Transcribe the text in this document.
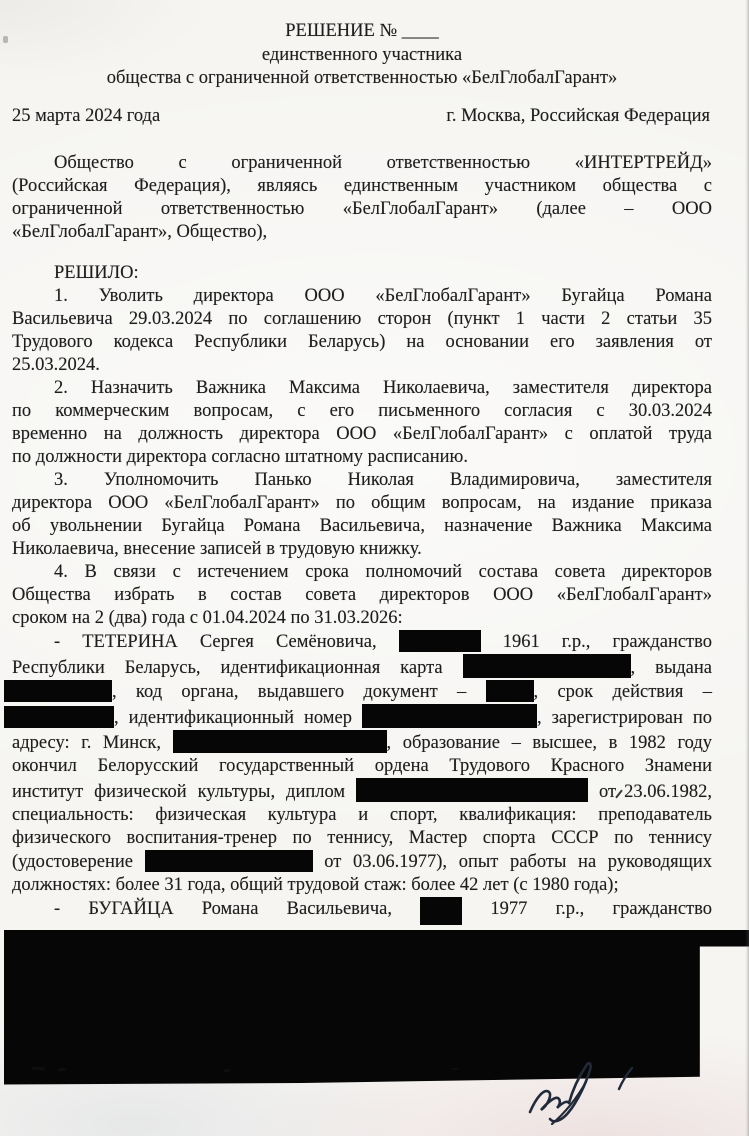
РЕШЕНИЕ № ____
единственного участника
общества с ограниченной ответственностью «БелГлобалГарант»
25 марта 2024 года	г. Москва, Российская Федерация
Общество с ограниченной ответственностью «ИНТЕРТРЕЙД»
(Российская Федерация), являясь единственным участником общества с
ограниченной ответственностью «БелГлобалГарант» (далее – ООО
«БелГлобалГарант», Общество),
РЕШИЛО:
1. Уволить директора ООО «БелГлобалГарант» Бугайца Романа
Васильевича 29.03.2024 по соглашению сторон (пункт 1 части 2 статьи 35
Трудового кодекса Республики Беларусь) на основании его заявления от
25.03.2024.
2. Назначить Важника Максима Николаевича, заместителя директора
по коммерческим вопросам, с его письменного согласия с 30.03.2024
временно на должность директора ООО «БелГлобалГарант» с оплатой труда
по должности директора согласно штатному расписанию.
3. Уполномочить Панько Николая Владимировича, заместителя
директора ООО «БелГлобалГарант» по общим вопросам, на издание приказа
об увольнении Бугайца Романа Васильевича, назначение Важника Максима
Николаевича, внесение записей в трудовую книжку.
4. В связи с истечением срока полномочий состава совета директоров
Общества избрать в состав совета директоров ООО «БелГлобалГарант»
сроком на 2 (два) года с 01.04.2024 по 31.03.2026:
- ТЕТЕРИНА Сергея Семёновича,	1961 г.р., гражданство
Республики Беларусь, идентификационная карта	, выдана
, код органа, выдавшего документ –	, срок действия –
, идентификационный номер	, зарегистрирован по
адресу: г. Минск,	, образование – высшее, в 1982 году
окончил Белорусский государственный ордена Трудового Красного Знамени
институт физической культуры, диплом	от 23.06.1982,
специальность: физическая культура и спорт, квалификация: преподаватель
физического воспитания-тренер по теннису, Мастер спорта СССР по теннису
(удостоверение	от 03.06.1977), опыт работы на руководящих
должностях: более 31 года, общий трудовой стаж: более 42 лет (с 1980 года);
- БУГАЙЦА Романа Васильевича,  1977 г.р., гражданство
